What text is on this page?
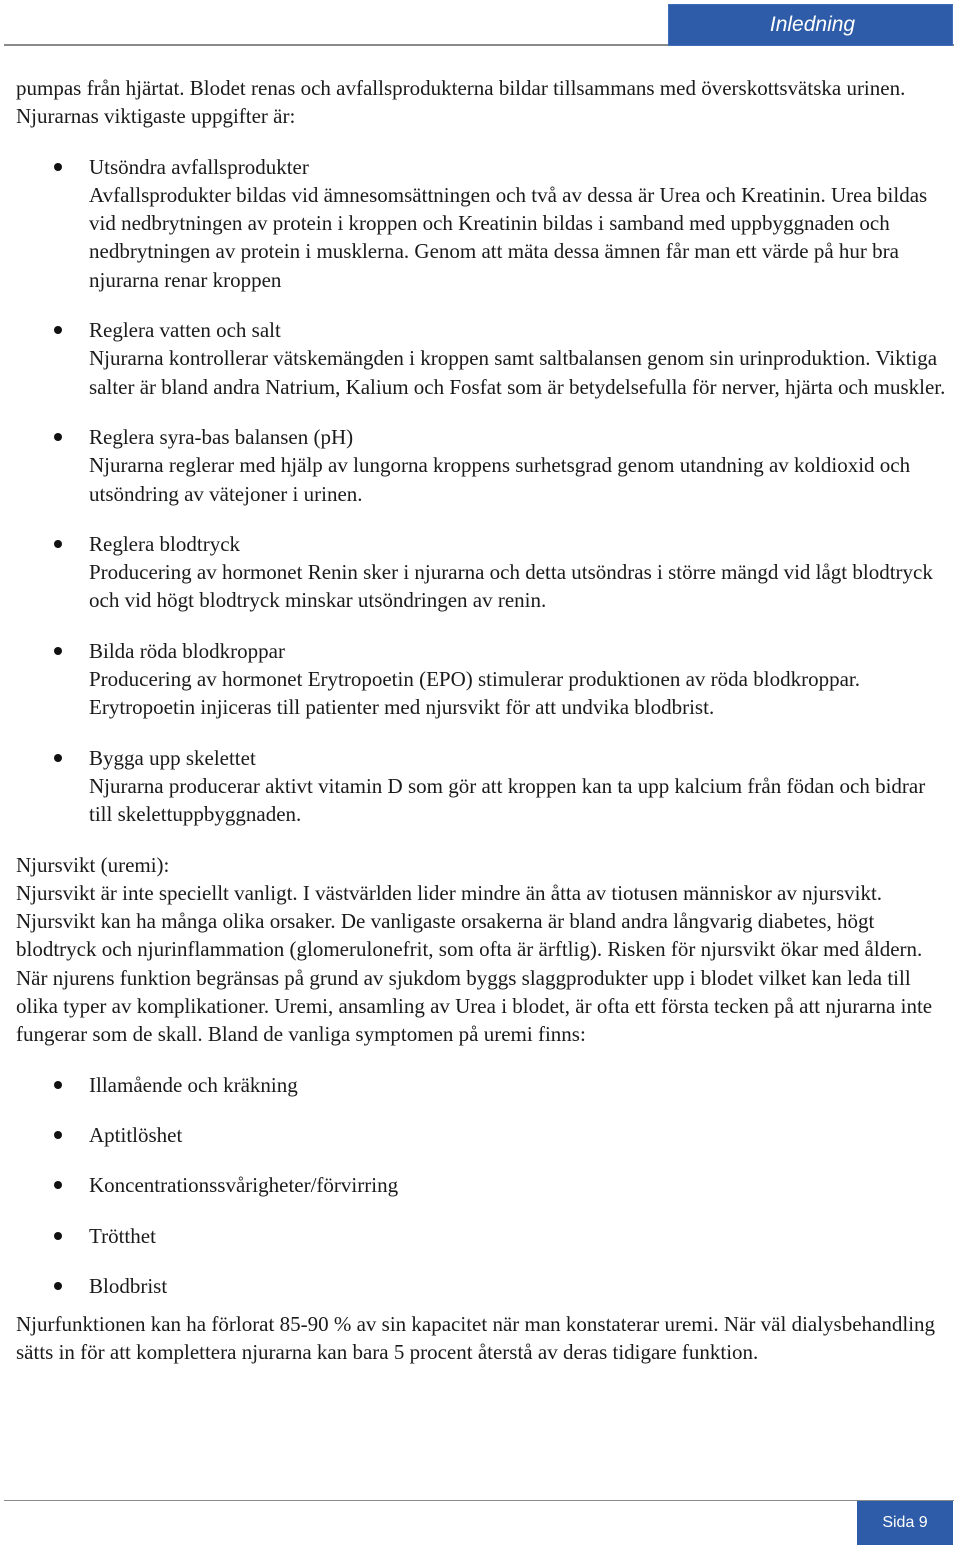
Inledning

pumpas från hjärtat. Blodet renas och avfallsprodukterna bildar tillsammans med överskottsvätska urinen. Njurarnas viktigaste uppgifter är:

Utsöndra avfallsprodukter
Avfallsprodukter bildas vid ämnesomsättningen och två av dessa är Urea och Kreatinin. Urea bildas vid nedbrytningen av protein i kroppen och Kreatinin bildas i samband med uppbyggnaden och nedbrytningen av protein i musklerna. Genom att mäta dessa ämnen får man ett värde på hur bra njurarna renar kroppen
Reglera vatten och salt
Njurarna kontrollerar vätskemängden i kroppen samt saltbalansen genom sin urinproduktion. Viktiga salter är bland andra Natrium, Kalium och Fosfat som är betydelsefulla för nerver, hjärta och muskler.
Reglera syra-bas balansen (pH)
Njurarna reglerar med hjälp av lungorna kroppens surhetsgrad genom utandning av koldioxid och utsöndring av vätejoner i urinen.
Reglera blodtryck
Producering av hormonet Renin sker i njurarna och detta utsöndras i större mängd vid lågt blodtryck och vid högt blodtryck minskar utsöndringen av renin.
Bilda röda blodkroppar
Producering av hormonet Erytropoetin (EPO) stimulerar produktionen av röda blodkroppar. Erytropoetin injiceras till patienter med njursvikt för att undvika blodbrist.
Bygga upp skelettet
Njurarna producerar aktivt vitamin D som gör att kroppen kan ta upp kalcium från födan och bidrar till skelettuppbyggnaden.

Njursvikt (uremi):

Njursvikt är inte speciellt vanligt. I västvärlden lider mindre än åtta av tiotusen människor av njursvikt. Njursvikt kan ha många olika orsaker. De vanligaste orsakerna är bland andra långvarig diabetes, högt blodtryck och njurinflammation (glomerulonefrit, som ofta är ärftlig). Risken för njursvikt ökar med åldern. När njurens funktion begränsas på grund av sjukdom byggs slaggprodukter upp i blodet vilket kan leda till olika typer av komplikationer. Uremi, ansamling av Urea i blodet, är ofta ett första tecken på att njurarna inte fungerar som de skall. Bland de vanliga symptomen på uremi finns:

Illamående och kräkning
Aptitlöshet
Koncentrationssvårigheter/förvirring
Trötthet
Blodbrist

Njurfunktionen kan ha förlorat 85-90 % av sin kapacitet när man konstaterar uremi. När väl dialysbehandling sätts in för att komplettera njurarna kan bara 5 procent återstå av deras tidigare funktion.

Sida 9
